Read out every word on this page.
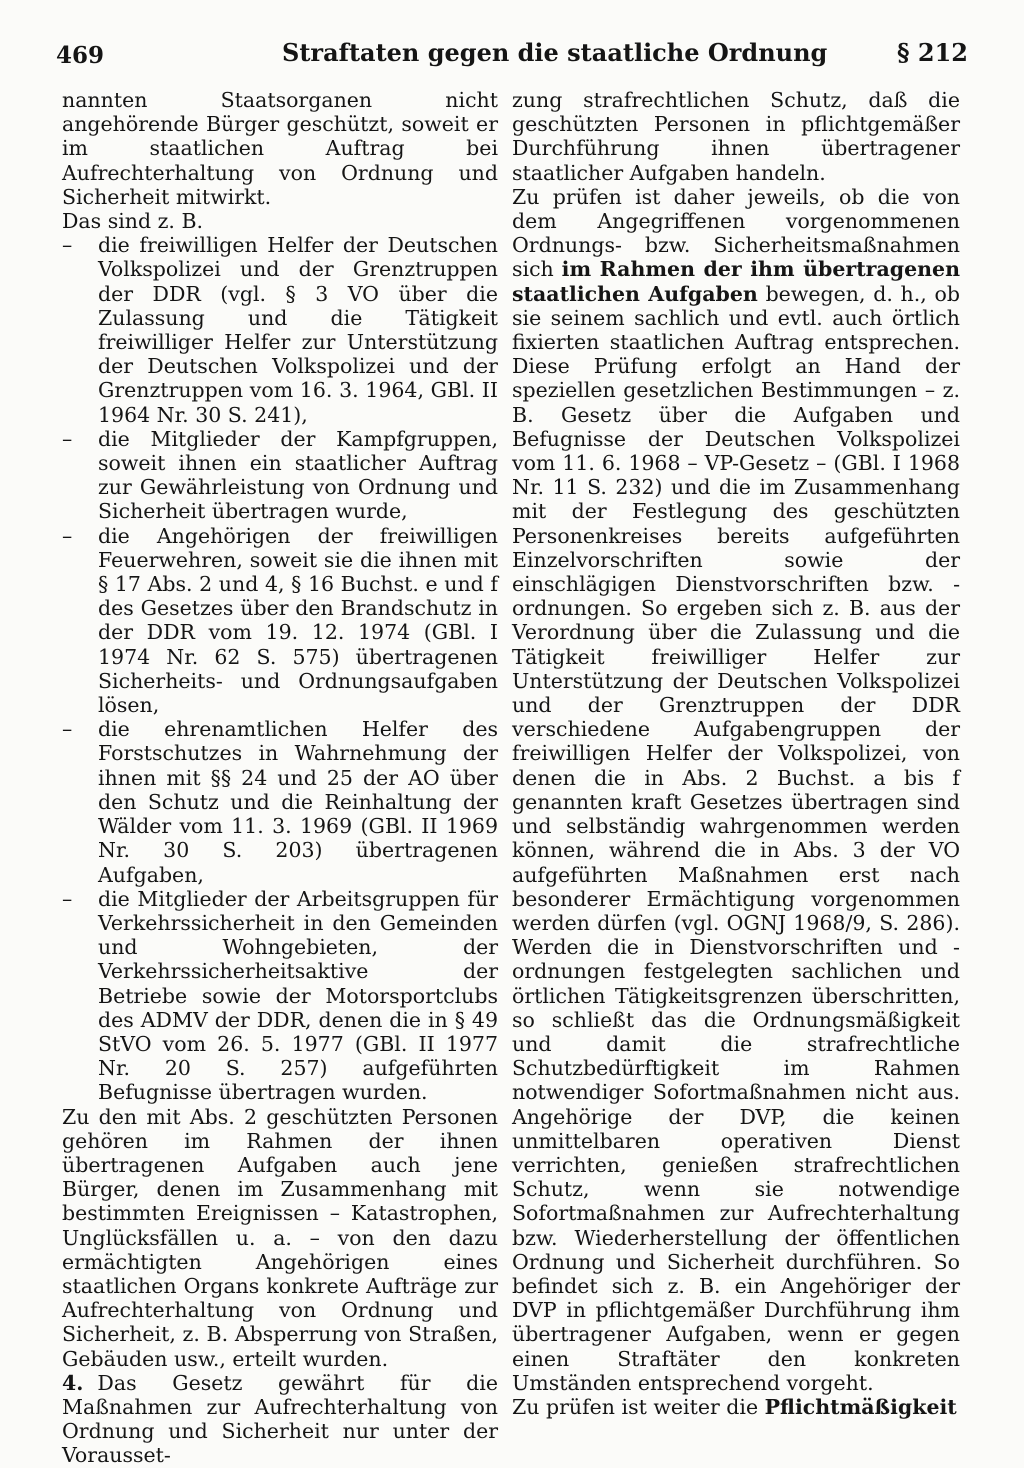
469	Straftaten gegen die staatliche Ordnung	§ 212

nannten Staatsorganen nicht angehörende Bürger geschützt, soweit er im staatlichen Auftrag bei Aufrechterhaltung von Ordnung und Sicherheit mitwirkt.

Das sind z. B.
– die freiwilligen Helfer der Deutschen Volkspolizei und der Grenztruppen der DDR (vgl. § 3 VO über die Zulassung und die Tätigkeit freiwilliger Helfer zur Unterstützung der Deutschen Volkspolizei und der Grenztruppen vom 16. 3. 1964, GBl. II 1964 Nr. 30 S. 241),
– die Mitglieder der Kampfgruppen, soweit ihnen ein staatlicher Auftrag zur Gewährleistung von Ordnung und Sicherheit übertragen wurde,
– die Angehörigen der freiwilligen Feuerwehren, soweit sie die ihnen mit § 17 Abs. 2 und 4, § 16 Buchst. e und f des Gesetzes über den Brandschutz in der DDR vom 19. 12. 1974 (GBl. I 1974 Nr. 62 S. 575) übertragenen Sicherheits- und Ordnungsaufgaben lösen,
– die ehrenamtlichen Helfer des Forstschutzes in Wahrnehmung der ihnen mit §§ 24 und 25 der AO über den Schutz und die Reinhaltung der Wälder vom 11. 3. 1969 (GBl. II 1969 Nr. 30 S. 203) übertragenen Aufgaben,
– die Mitglieder der Arbeitsgruppen für Verkehrssicherheit in den Gemeinden und Wohngebieten, der Verkehrssicherheitsaktive der Betriebe sowie der Motorsportclubs des ADMV der DDR, denen die in § 49 StVO vom 26. 5. 1977 (GBl. II 1977 Nr. 20 S. 257) aufgeführten Befugnisse übertragen wurden.

Zu den mit Abs. 2 geschützten Personen gehören im Rahmen der ihnen übertragenen Aufgaben auch jene Bürger, denen im Zusammenhang mit bestimmten Ereignissen – Katastrophen, Unglücksfällen u. a. – von den dazu ermächtigten Angehörigen eines staatlichen Organs konkrete Aufträge zur Aufrechterhaltung von Ordnung und Sicherheit, z. B. Absperrung von Straßen, Gebäuden usw., erteilt wurden.

4. Das Gesetz gewährt für die Maßnahmen zur Aufrechterhaltung von Ordnung und Sicherheit nur unter der Vorausset-

zung strafrechtlichen Schutz, daß die geschützten Personen in pflichtgemäßer Durchführung ihnen übertragener staatlicher Aufgaben handeln.

Zu prüfen ist daher jeweils, ob die von dem Angegriffenen vorgenommenen Ordnungs- bzw. Sicherheitsmaßnahmen sich im Rahmen der ihm übertragenen staatlichen Aufgaben bewegen, d. h., ob sie seinem sachlich und evtl. auch örtlich fixierten staatlichen Auftrag entsprechen. Diese Prüfung erfolgt an Hand der speziellen gesetzlichen Bestimmungen – z. B. Gesetz über die Aufgaben und Befugnisse der Deutschen Volkspolizei vom 11. 6. 1968 – VP-Gesetz – (GBl. I 1968 Nr. 11 S. 232) und die im Zusammenhang mit der Festlegung des geschützten Personenkreises bereits aufgeführten Einzelvorschriften sowie der einschlägigen Dienstvorschriften bzw. -ordnungen. So ergeben sich z. B. aus der Verordnung über die Zulassung und die Tätigkeit freiwilliger Helfer zur Unterstützung der Deutschen Volkspolizei und der Grenztruppen der DDR verschiedene Aufgabengruppen der freiwilligen Helfer der Volkspolizei, von denen die in Abs. 2 Buchst. a bis f genannten kraft Gesetzes übertragen sind und selbständig wahrgenommen werden können, während die in Abs. 3 der VO aufgeführten Maßnahmen erst nach besonderer Ermächtigung vorgenommen werden dürfen (vgl. OGNJ 1968/9, S. 286). Werden die in Dienstvorschriften und -ordnungen festgelegten sachlichen und örtlichen Tätigkeitsgrenzen überschritten, so schließt das die Ordnungsmäßigkeit und damit die strafrechtliche Schutzbedürftigkeit im Rahmen notwendiger Sofortmaßnahmen nicht aus. Angehörige der DVP, die keinen unmittelbaren operativen Dienst verrichten, genießen strafrechtlichen Schutz, wenn sie notwendige Sofortmaßnahmen zur Aufrechterhaltung bzw. Wiederherstellung der öffentlichen Ordnung und Sicherheit durchführen. So befindet sich z. B. ein Angehöriger der DVP in pflichtgemäßer Durchführung ihm übertragener Aufgaben, wenn er gegen einen Straftäter den konkreten Umständen entsprechend vorgeht.

Zu prüfen ist weiter die Pflichtmäßigkeit
